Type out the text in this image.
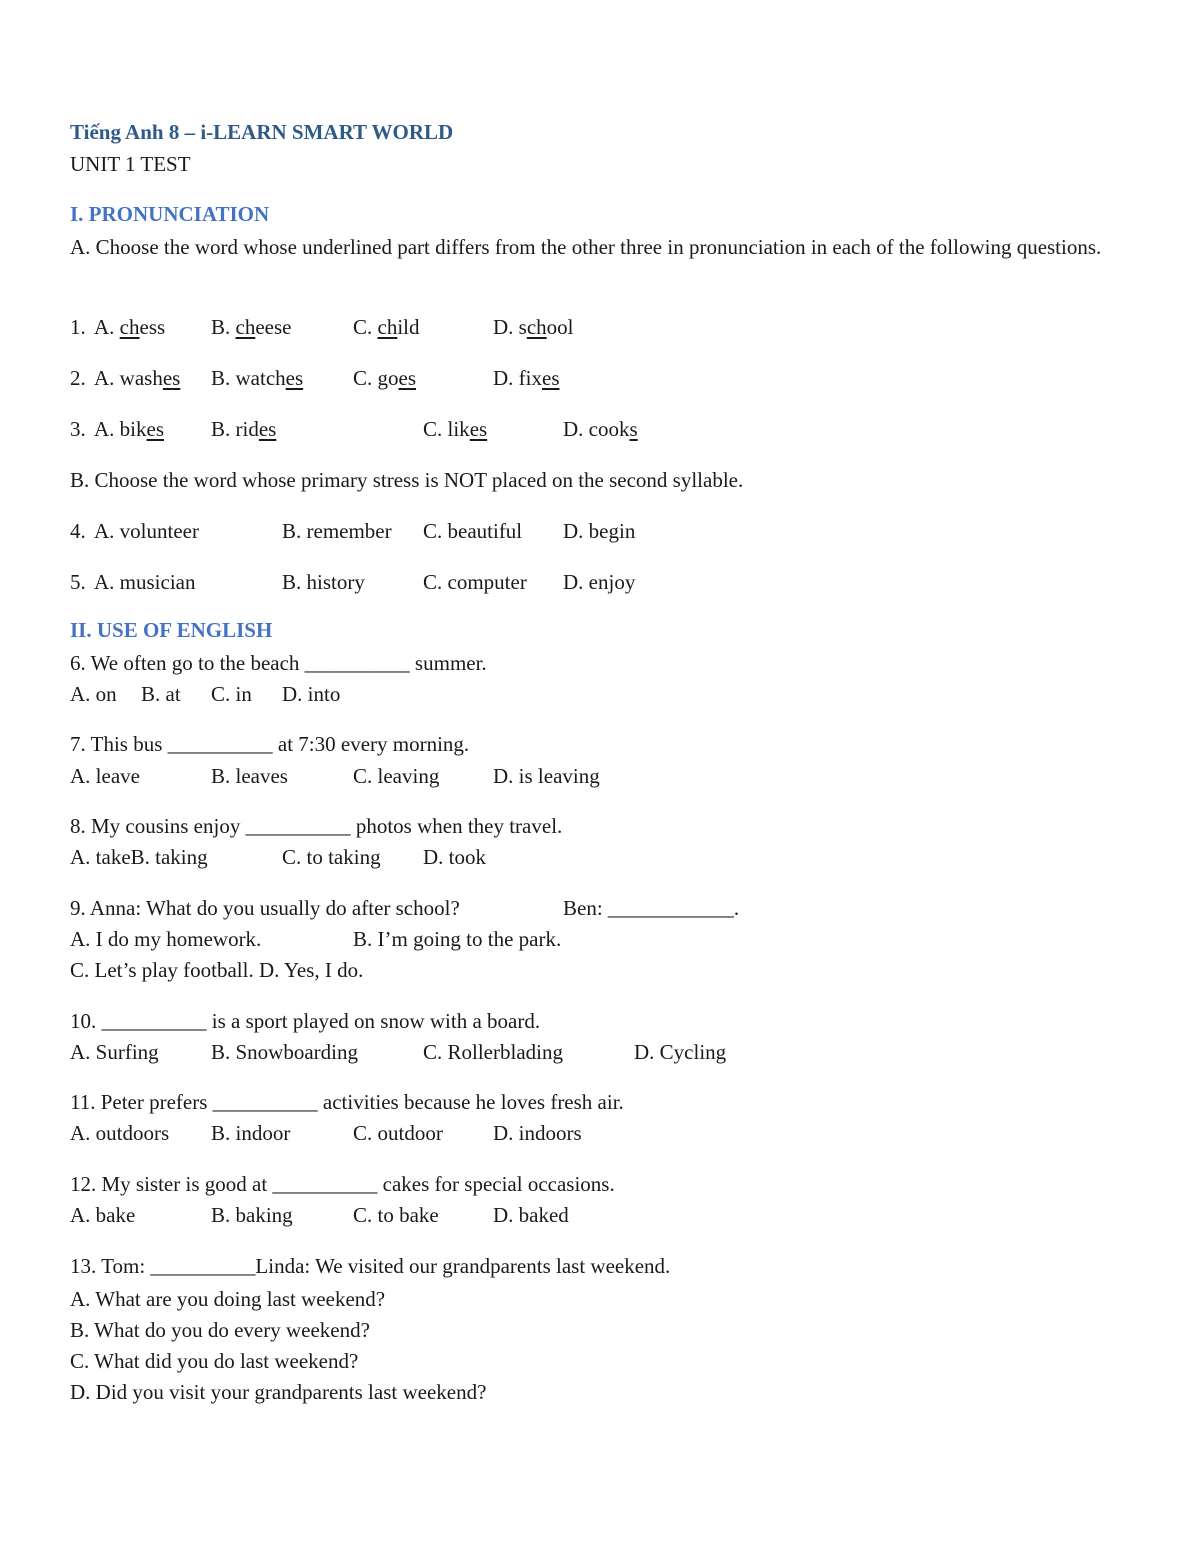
Tiếng Anh 8 – i-LEARN SMART WORLD
UNIT 1 TEST
I. PRONUNCIATION
A. Choose the word whose underlined part differs from the other three in pronunciation in each of the following questions.
1. A. chess B. cheese	C. child	D. school
2. A. washes B. watches C. goes	D. fixes
3. A. bikes B. rides	C. likes	D. cooks
B. Choose the word whose primary stress is NOT placed on the second syllable.
4. A. volunteer	B. remember C. beautiful D. begin
5. A. musician	B. history	C. computer D. enjoy
II. USE OF ENGLISH
6. We often go to the beach __________ summer.
A. on B. at C. in D. into
7. This bus __________ at 7:30 every morning.
A. leave	B. leaves	C. leaving	D. is leaving
8. My cousins enjoy __________ photos when they travel.
A. takeB. taking	C. to taking D. took
9. Anna: What do you usually do after school?	Ben: ____________.
A. I do my homework.	B. I’m going to the park.
C. Let’s play football. D. Yes, I do.
10. __________ is a sport played on snow with a board.
A. Surfing B. Snowboarding	C. Rollerblading	D. Cycling
11. Peter prefers __________ activities because he loves fresh air.
A. outdoors B. indoor	C. outdoor D. indoors
12. My sister is good at __________ cakes for special occasions.
A. bake	B. baking	C. to bake	D. baked
13. Tom: __________Linda: We visited our grandparents last weekend.
A. What are you doing last weekend?
B. What do you do every weekend?
C. What did you do last weekend?
D. Did you visit your grandparents last weekend?
